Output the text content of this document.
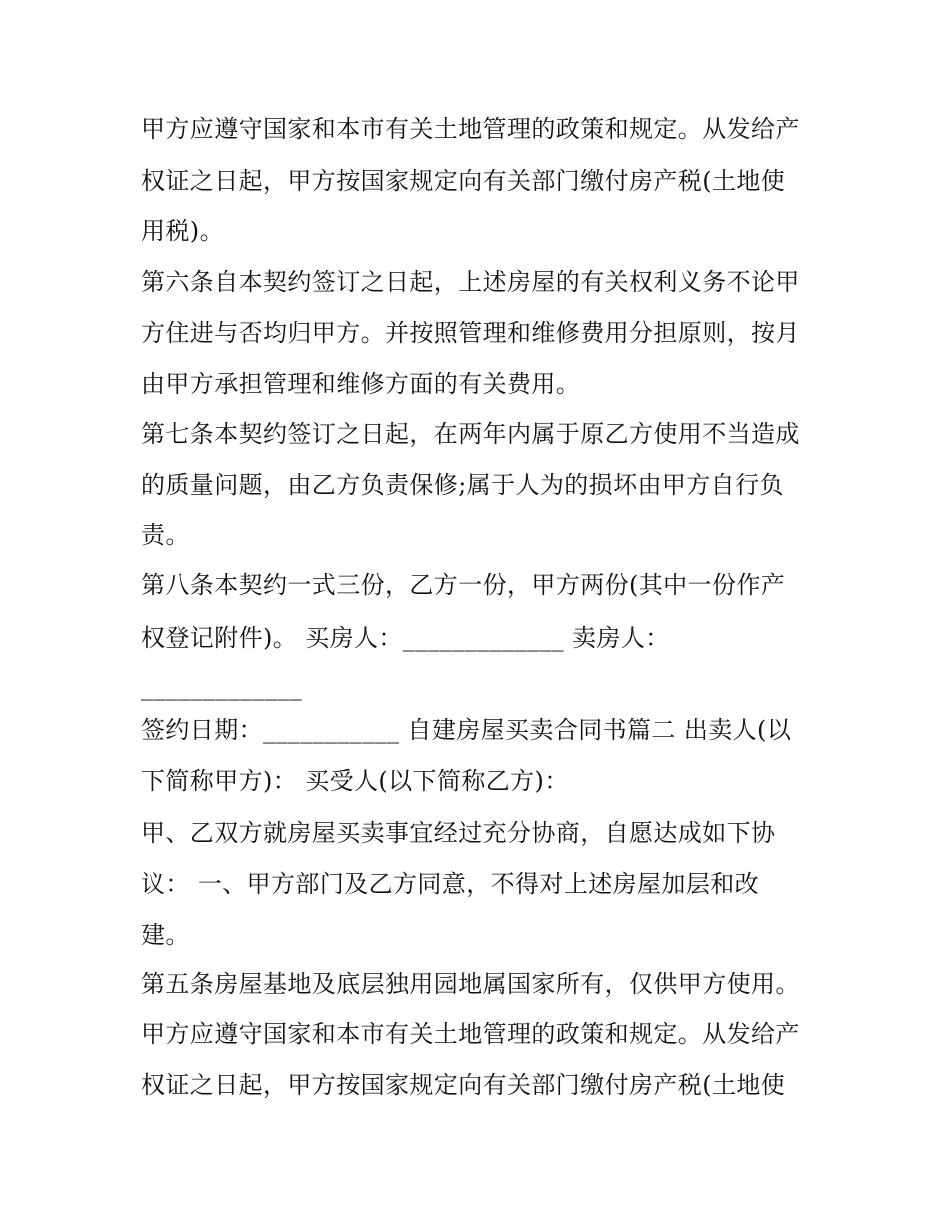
甲方应遵守国家和本市有关土地管理的政策和规定。从发给产
权证之日起，甲方按国家规定向有关部门缴付房产税(土地使
用税)。
第六条自本契约签订之日起，上述房屋的有关权利义务不论甲
方住进与否均归甲方。并按照管理和维修费用分担原则，按月
由甲方承担管理和维修方面的有关费用。
第七条本契约签订之日起，在两年内属于原乙方使用不当造成
的质量问题，由乙方负责保修;属于人为的损坏由甲方自行负
责。
第八条本契约一式三份，乙方一份，甲方两份(其中一份作产
权登记附件)。 买房人：_____________ 卖房人：
_____________
签约日期：___________ 自建房屋买卖合同书篇二 出卖人(以
下简称甲方)： 买受人(以下简称乙方)：
甲、乙双方就房屋买卖事宜经过充分协商，自愿达成如下协
议： 一、甲方部门及乙方同意，不得对上述房屋加层和改
建。
第五条房屋基地及底层独用园地属国家所有，仅供甲方使用。
甲方应遵守国家和本市有关土地管理的政策和规定。从发给产
权证之日起，甲方按国家规定向有关部门缴付房产税(土地使
